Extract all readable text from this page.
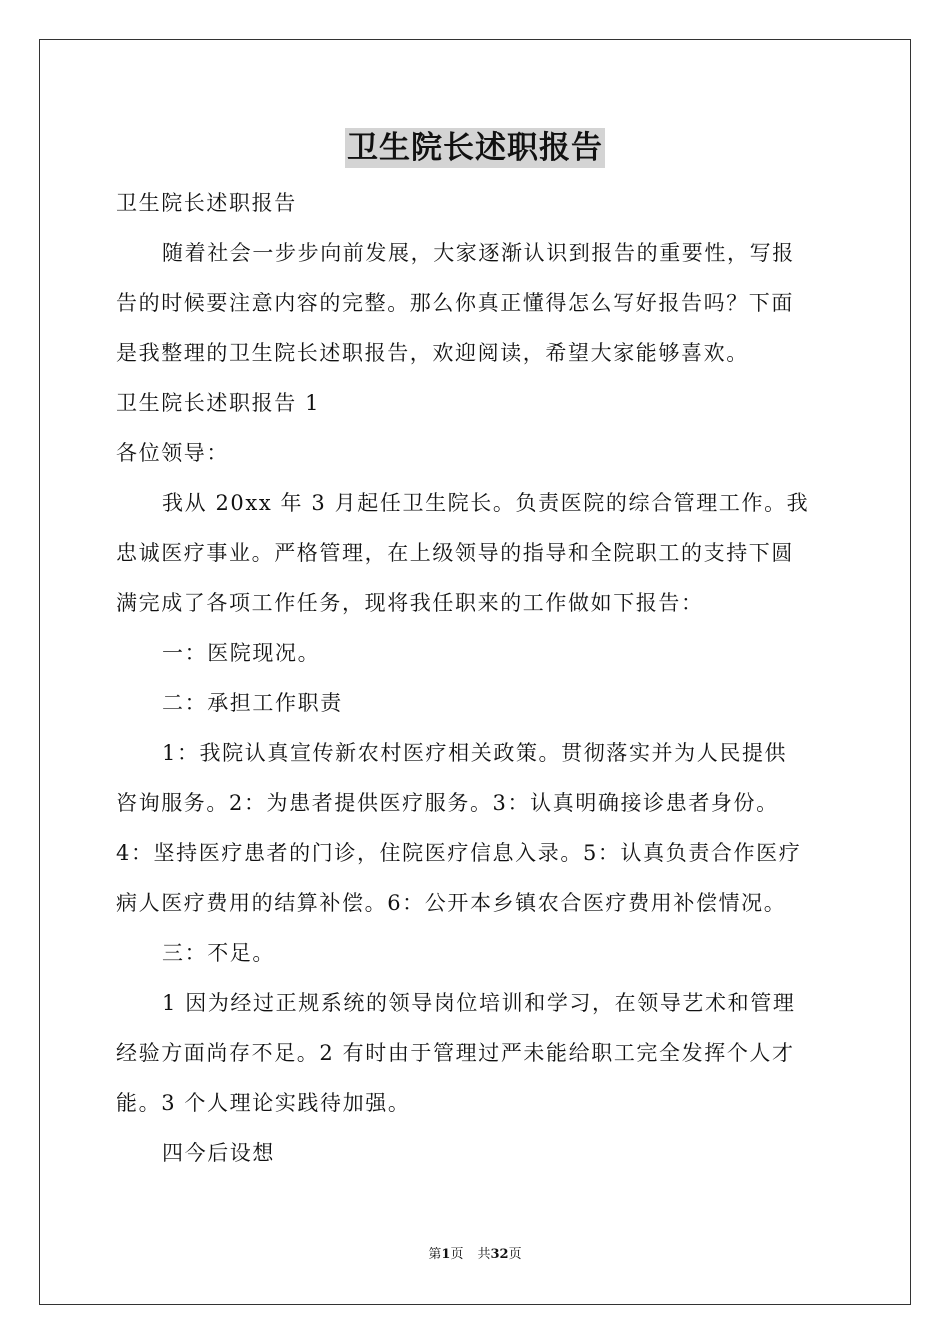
卫生院长述职报告

卫生院长述职报告

随着社会一步步向前发展，大家逐渐认识到报告的重要性，写报

告的时候要注意内容的完整。那么你真正懂得怎么写好报告吗？下面

是我整理的卫生院长述职报告，欢迎阅读，希望大家能够喜欢。

卫生院长述职报告 1

各位领导：

我从 20xx 年 3 月起任卫生院长。负责医院的综合管理工作。我

忠诚医疗事业。严格管理，在上级领导的指导和全院职工的支持下圆

满完成了各项工作任务，现将我任职来的工作做如下报告：

一：医院现况。

二：承担工作职责

1：我院认真宣传新农村医疗相关政策。贯彻落实并为人民提供

咨询服务。2：为患者提供医疗服务。3：认真明确接诊患者身份。

4：坚持医疗患者的门诊，住院医疗信息入录。5：认真负责合作医疗

病人医疗费用的结算补偿。6：公开本乡镇农合医疗费用补偿情况。

三：不足。

1 因为经过正规系统的领导岗位培训和学习，在领导艺术和管理

经验方面尚存不足。2 有时由于管理过严未能给职工完全发挥个人才

能。3 个人理论实践待加强。

四今后设想

第1页 共32页
